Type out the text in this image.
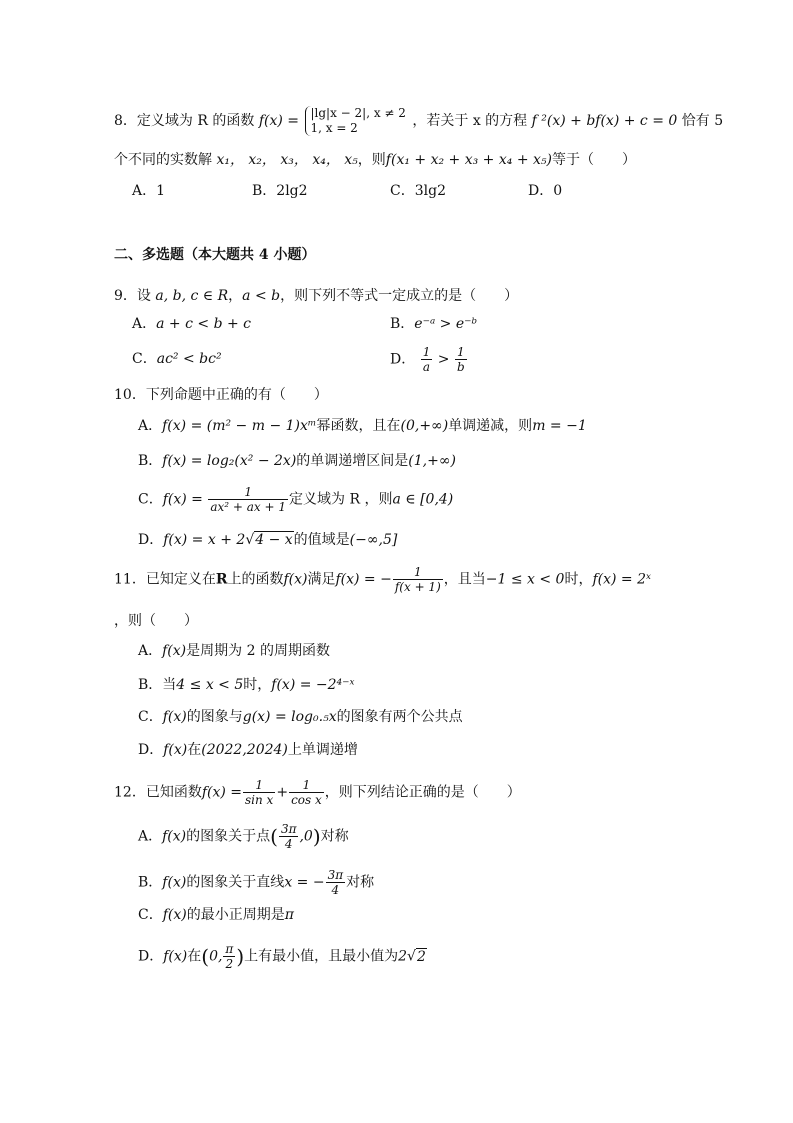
8．定义域为 R 的函数 f(x) = |lg|x − 2|, x ≠ 2
1, x = 2	，若关于 x 的方程 f ²(x) + bf(x) + c = 0 恰有 5
个不同的实数解 x₁， x₂， x₃， x₄， x₅，则f(x₁ + x₂ + x₃ + x₄ + x₅)等于（　　）
A．1	B．2lg2	C．3lg2	D．0
二、多选题（本大题共 4 小题）
9．设 a, b, c ∈ R，a < b，则下列不等式一定成立的是（　　）
A．a + c < b + c	B．e⁻ᵃ > e⁻ᵇ
C．ac² < bc²	D． $\frac{1}{a} > \frac{1}{b}$
10．下列命题中正确的有（　　）
A．f(x) = (m² − m − 1)xᵐ幂函数，且在(0,+∞)单调递减，则m = −1
B．f(x) = log₂(x² − 2x)的单调递增区间是(1,+∞)
C．$f(x) = \frac{1}{\text{ax² + ax + 1}}$ 定义域为 R ，则a ∈ [0,4)
D．f(x) = x + 2√4 − x的值域是(−∞,5]
11．已知定义在R上的函数f(x)满足f(x) = − $\frac{1}{f(x + 1)}$ ，且当−1 ≤ x < 0时，f(x) = 2ˣ
，则（　　）
A．f(x)是周期为 2 的周期函数
B．当4 ≤ x < 5时，f(x) = −2⁴⁻ˣ
C．f(x)的图象与g(x) = log₀.₅x的图象有两个公共点
D．f(x)在(2022,2024)上单调递增
12．已知函数$f(x) = \frac{1}{\text{sin x}} + \frac{1}{\text{cos x}}$ ，则下列结论正确的是（　　）
A．f(x)的图象关于点( $\frac{3\pi}{4} ,0$)对称
B．f(x)的图象关于直线x = − $\frac{3\pi}{4}$ 对称
C．f(x)的最小正周期是π
D．f(x)在(0, $\frac{\pi}{2}$ )上有最小值，且最小值为2√2
